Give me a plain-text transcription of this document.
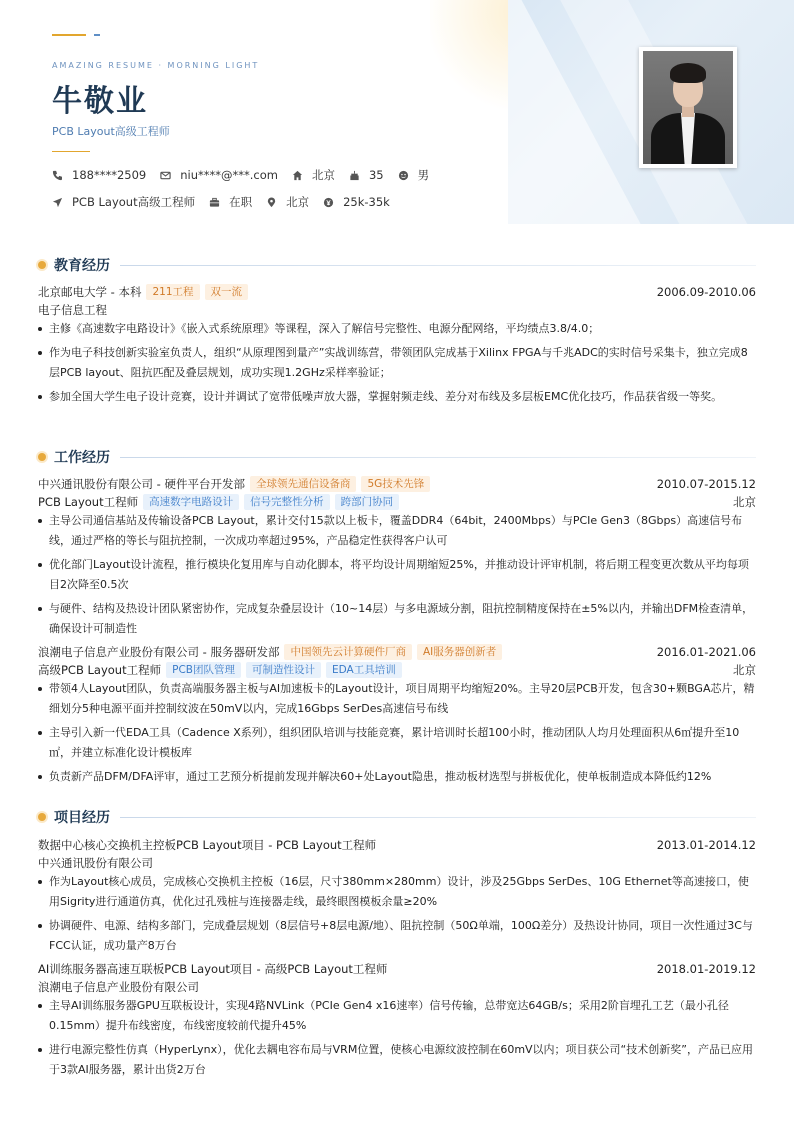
AMAZING RESUME · MORNING LIGHT
牛敬业
PCB Layout高级工程师
188****2509	niu****@***.com	北京	35	男
PCB Layout高级工程师	在职	北京	25k-35k
教育经历
北京邮电大学 - 本科	211工程	双一流	2006.09-2010.06
电子信息工程
主修《高速数字电路设计》《嵌入式系统原理》等课程，深入了解信号完整性、电源分配网络，平均绩点3.8/4.0；
作为电子科技创新实验室负责人，组织“从原理图到量产”实战训练营，带领团队完成基于Xilinx FPGA与千兆ADC的实时信号采集卡，独立完成8层PCB layout、阻抗匹配及叠层规划，成功实现1.2GHz采样率验证；
参加全国大学生电子设计竞赛，设计并调试了宽带低噪声放大器，掌握射频走线、差分对布线及多层板EMC优化技巧，作品获省级一等奖。
工作经历
中兴通讯股份有限公司 - 硬件平台开发部	全球领先通信设备商	5G技术先锋	2010.07-2015.12
PCB Layout工程师	高速数字电路设计	信号完整性分析	跨部门协同	北京
主导公司通信基站及传输设备PCB Layout，累计交付15款以上板卡，覆盖DDR4（64bit，2400Mbps）与PCIe Gen3（8Gbps）高速信号布线，通过严格的等长与阻抗控制，一次成功率超过95%，产品稳定性获得客户认可
优化部门Layout设计流程，推行模块化复用库与自动化脚本，将平均设计周期缩短25%，并推动设计评审机制，将后期工程变更次数从平均每项目2次降至0.5次
与硬件、结构及热设计团队紧密协作，完成复杂叠层设计（10~14层）与多电源域分割，阻抗控制精度保持在±5%以内，并输出DFM检查清单，确保设计可制造性
浪潮电子信息产业股份有限公司 - 服务器研发部	中国领先云计算硬件厂商	AI服务器创新者	2016.01-2021.06
高级PCB Layout工程师	PCB团队管理	可制造性设计	EDA工具培训	北京
带领4人Layout团队，负责高端服务器主板与AI加速板卡的Layout设计，项目周期平均缩短20%。主导20层PCB开发，包含30+颗BGA芯片，精细划分5种电源平面并控制纹波在50mV以内，完成16Gbps SerDes高速信号布线
主导引入新一代EDA工具（Cadence X系列），组织团队培训与技能竞赛，累计培训时长超100小时，推动团队人均月处理面积从6㎡提升至10㎡，并建立标准化设计模板库
负责新产品DFM/DFA评审，通过工艺预分析提前发现并解决60+处Layout隐患，推动板材选型与拼板优化，使单板制造成本降低约12%
项目经历
数据中心核心交换机主控板PCB Layout项目 - PCB Layout工程师	2013.01-2014.12
中兴通讯股份有限公司
作为Layout核心成员，完成核心交换机主控板（16层，尺寸380mm×280mm）设计，涉及25Gbps SerDes、10G Ethernet等高速接口，使用Sigrity进行通道仿真，优化过孔残桩与连接器走线，最终眼图模板余量≥20%
协调硬件、电源、结构多部门，完成叠层规划（8层信号+8层电源/地）、阻抗控制（50Ω单端，100Ω差分）及热设计协同，项目一次性通过3C与FCC认证，成功量产8万台
AI训练服务器高速互联板PCB Layout项目 - 高级PCB Layout工程师	2018.01-2019.12
浪潮电子信息产业股份有限公司
主导AI训练服务器GPU互联板设计，实现4路NVLink（PCIe Gen4 x16速率）信号传输，总带宽达64GB/s；采用2阶盲埋孔工艺（最小孔径0.15mm）提升布线密度，布线密度较前代提升45%
进行电源完整性仿真（HyperLynx），优化去耦电容布局与VRM位置，使核心电源纹波控制在60mV以内；项目获公司“技术创新奖”，产品已应用于3款AI服务器，累计出货2万台
